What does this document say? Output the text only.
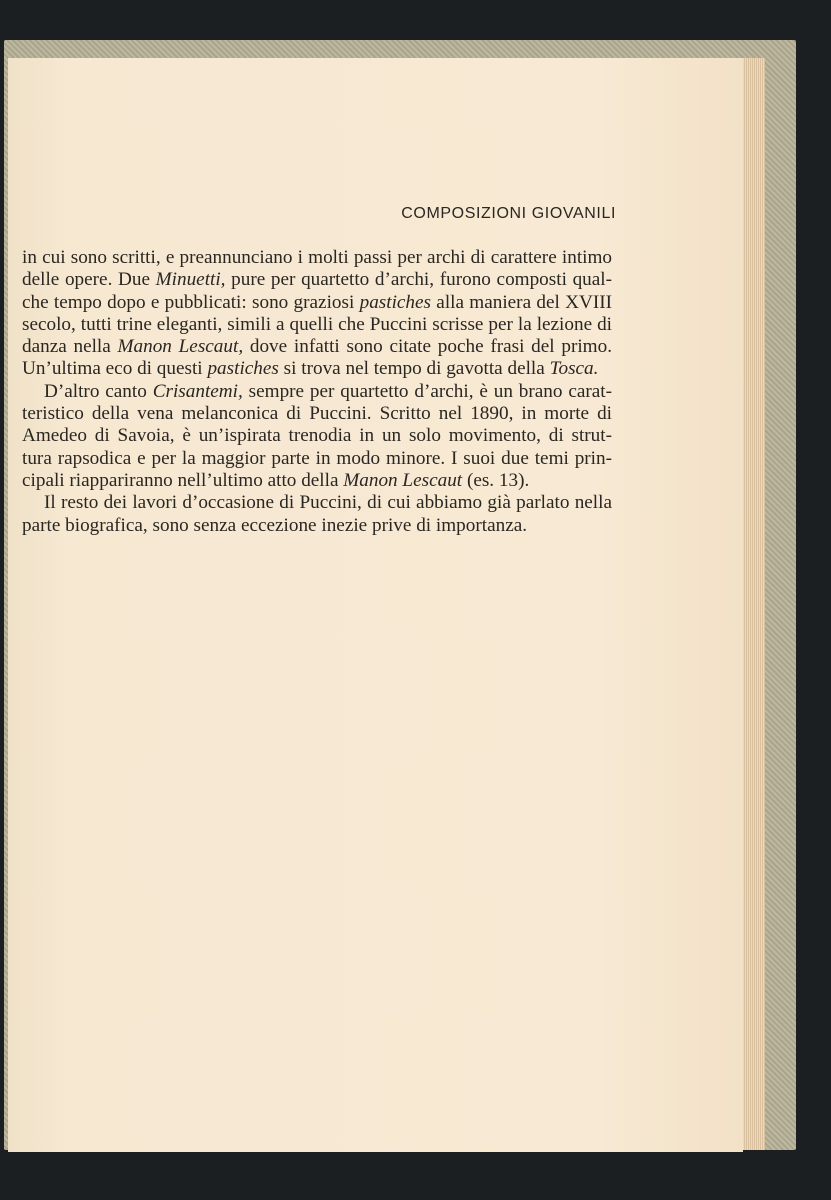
COMPOSIZIONI GIOVANILI
in cui sono scritti, e preannunciano i molti passi per archi di carattere intimo
delle opere. Due Minuetti, pure per quartetto d’archi, furono composti qual-
che tempo dopo e pubblicati: sono graziosi pastiches alla maniera del XVIII
secolo, tutti trine eleganti, simili a quelli che Puccini scrisse per la lezione di
danza nella Manon Lescaut, dove infatti sono citate poche frasi del primo.
Un’ultima eco di questi pastiches si trova nel tempo di gavotta della Tosca.
D’altro canto Crisantemi, sempre per quartetto d’archi, è un brano carat-
teristico della vena melanconica di Puccini. Scritto nel 1890, in morte di
Amedeo di Savoia, è un’ispirata trenodia in un solo movimento, di strut-
tura rapsodica e per la maggior parte in modo minore. I suoi due temi prin-
cipali riappariranno nell’ultimo atto della Manon Lescaut (es. 13).
Il resto dei lavori d’occasione di Puccini, di cui abbiamo già parlato nella
parte biografica, sono senza eccezione inezie prive di importanza.
